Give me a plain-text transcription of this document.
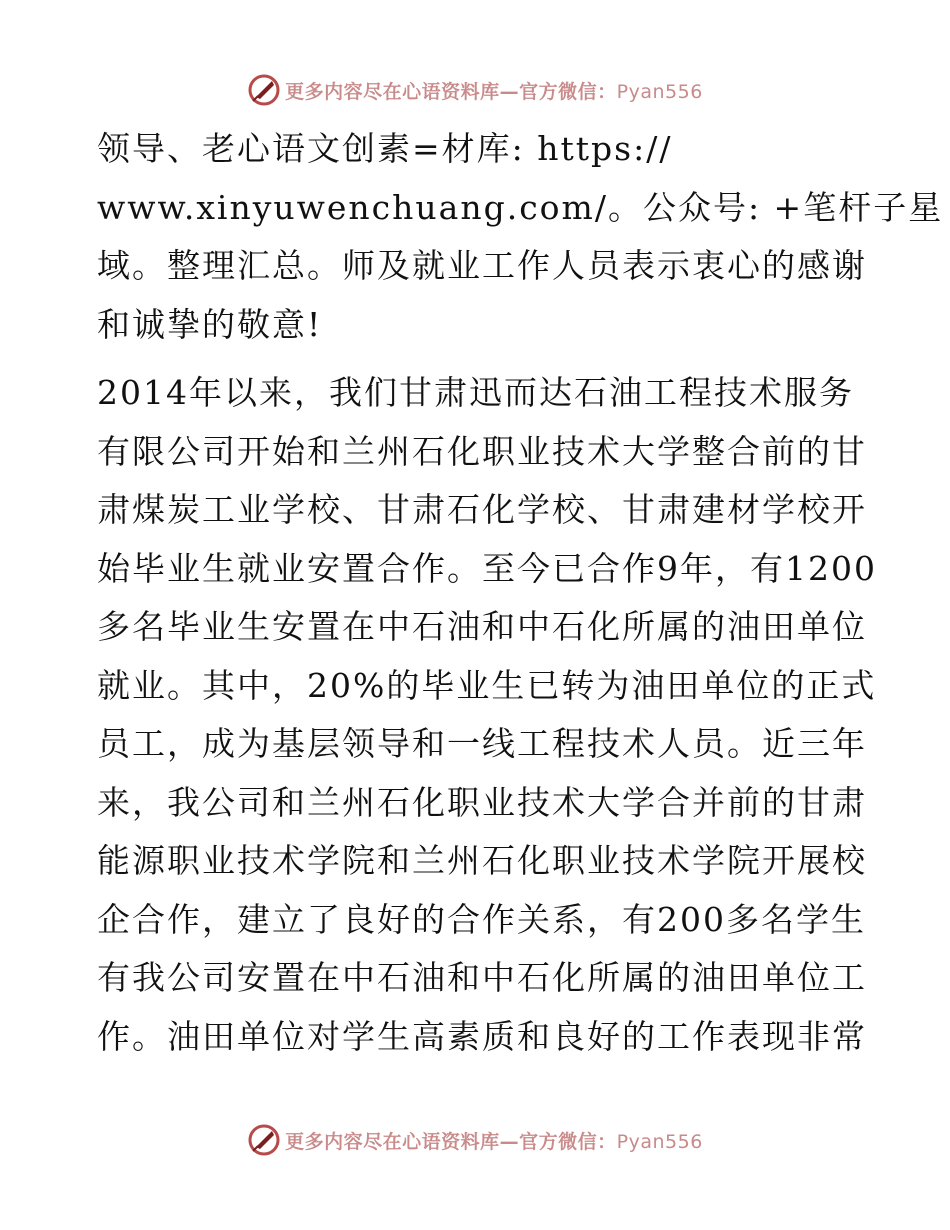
更多内容尽在心语资料库—官方微信：Pyan556
领导、老心语文创素=材库: https://
www.xinyuwenchuang.com/。公众号: +笔杆子星
域。整理汇总。师及就业工作人员表示衷心的感谢
和诚挚的敬意!
2014年以来，我们甘肃迅而达石油工程技术服务
有限公司开始和兰州石化职业技术大学整合前的甘
肃煤炭工业学校、甘肃石化学校、甘肃建材学校开
始毕业生就业安置合作。至今已合作9年，有1200
多名毕业生安置在中石油和中石化所属的油田单位
就业。其中，20%的毕业生已转为油田单位的正式
员工，成为基层领导和一线工程技术人员。近三年
来，我公司和兰州石化职业技术大学合并前的甘肃
能源职业技术学院和兰州石化职业技术学院开展校
企合作，建立了良好的合作关系，有200多名学生
有我公司安置在中石油和中石化所属的油田单位工
作。油田单位对学生高素质和良好的工作表现非常
更多内容尽在心语资料库—官方微信：Pyan556
